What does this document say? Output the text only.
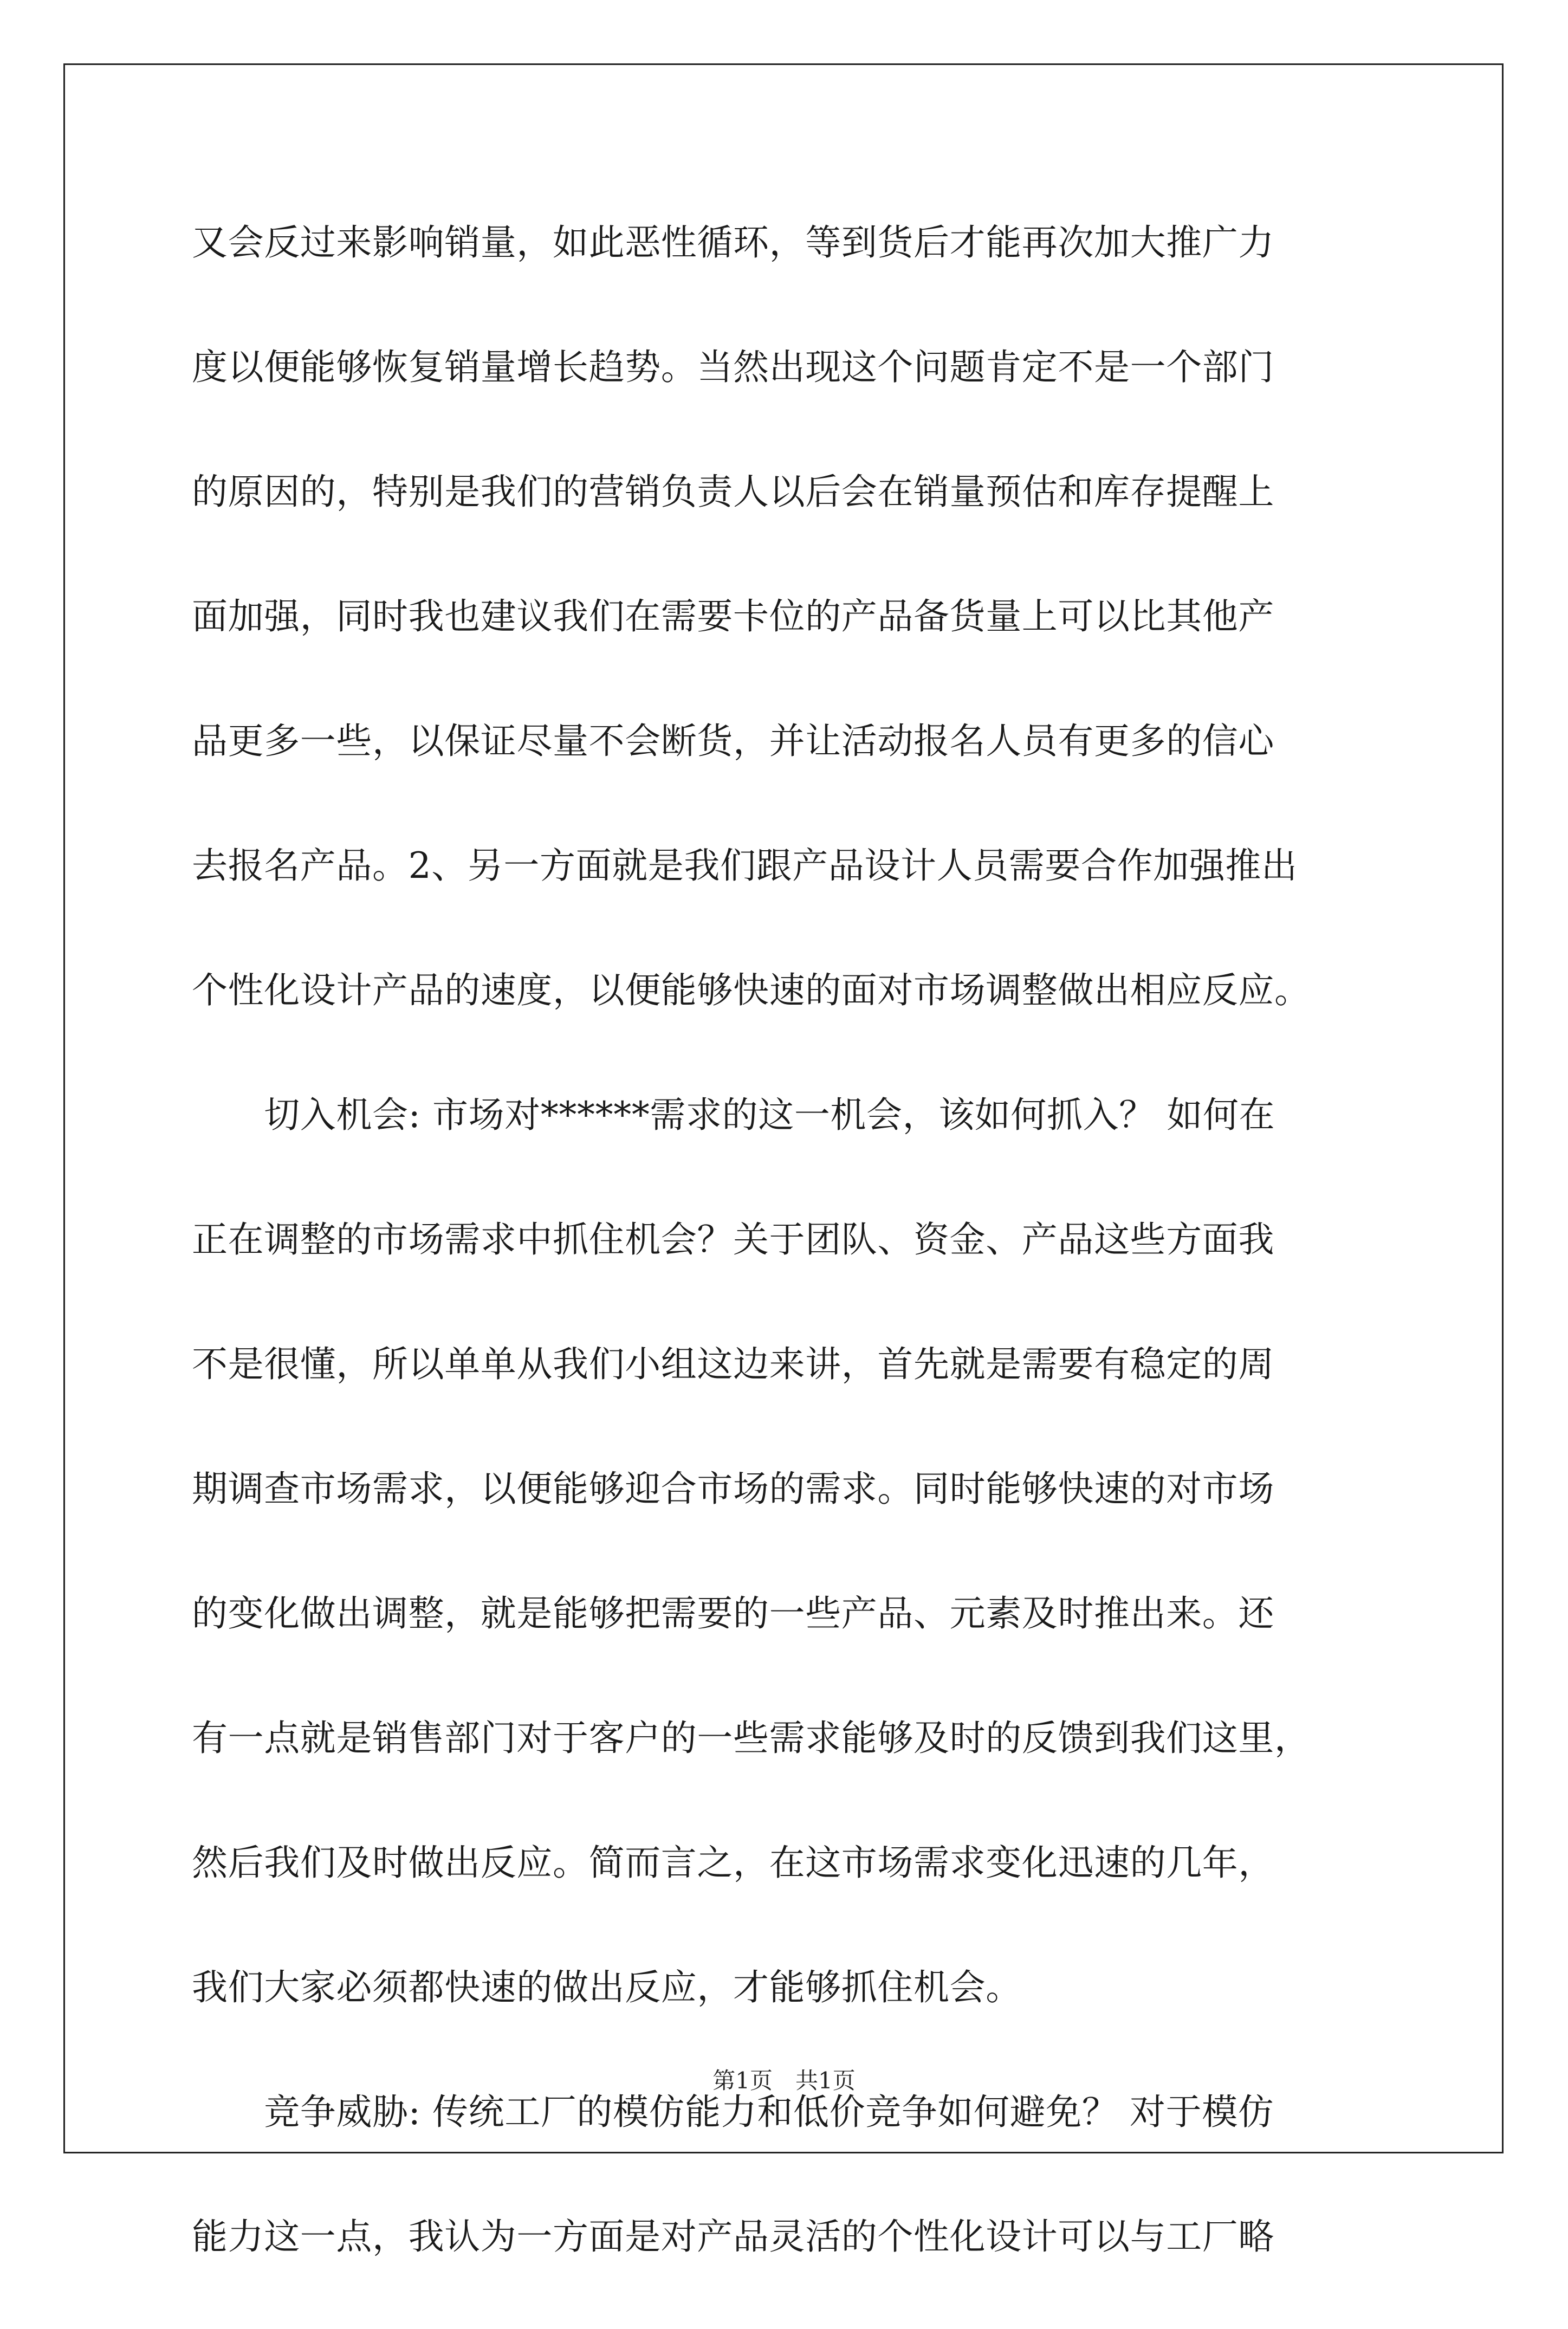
又会反过来影响销量，如此恶性循环，等到货后才能再次加大推广力
度以便能够恢复销量增长趋势。当然出现这个问题肯定不是一个部门
的原因的，特别是我们的营销负责人以后会在销量预估和库存提醒上
面加强，同时我也建议我们在需要卡位的产品备货量上可以比其他产
品更多一些，以保证尽量不会断货，并让活动报名人员有更多的信心
去报名产品。2、另一方面就是我们跟产品设计人员需要合作加强推出
个性化设计产品的速度，以便能够快速的面对市场调整做出相应反应。
　　切入机会: 市场对******需求的这一机会，该如何抓入？ 如何在
正在调整的市场需求中抓住机会？关于团队、资金、产品这些方面我
不是很懂，所以单单从我们小组这边来讲，首先就是需要有稳定的周
期调查市场需求，以便能够迎合市场的需求。同时能够快速的对市场
的变化做出调整，就是能够把需要的一些产品、元素及时推出来。还
有一点就是销售部门对于客户的一些需求能够及时的反馈到我们这里，
然后我们及时做出反应。简而言之，在这市场需求变化迅速的几年，
我们大家必须都快速的做出反应，才能够抓住机会。
　　竞争威胁: 传统工厂的模仿能力和低价竞争如何避免？ 对于模仿
能力这一点，我认为一方面是对产品灵活的个性化设计可以与工厂略
第1页　共1页
